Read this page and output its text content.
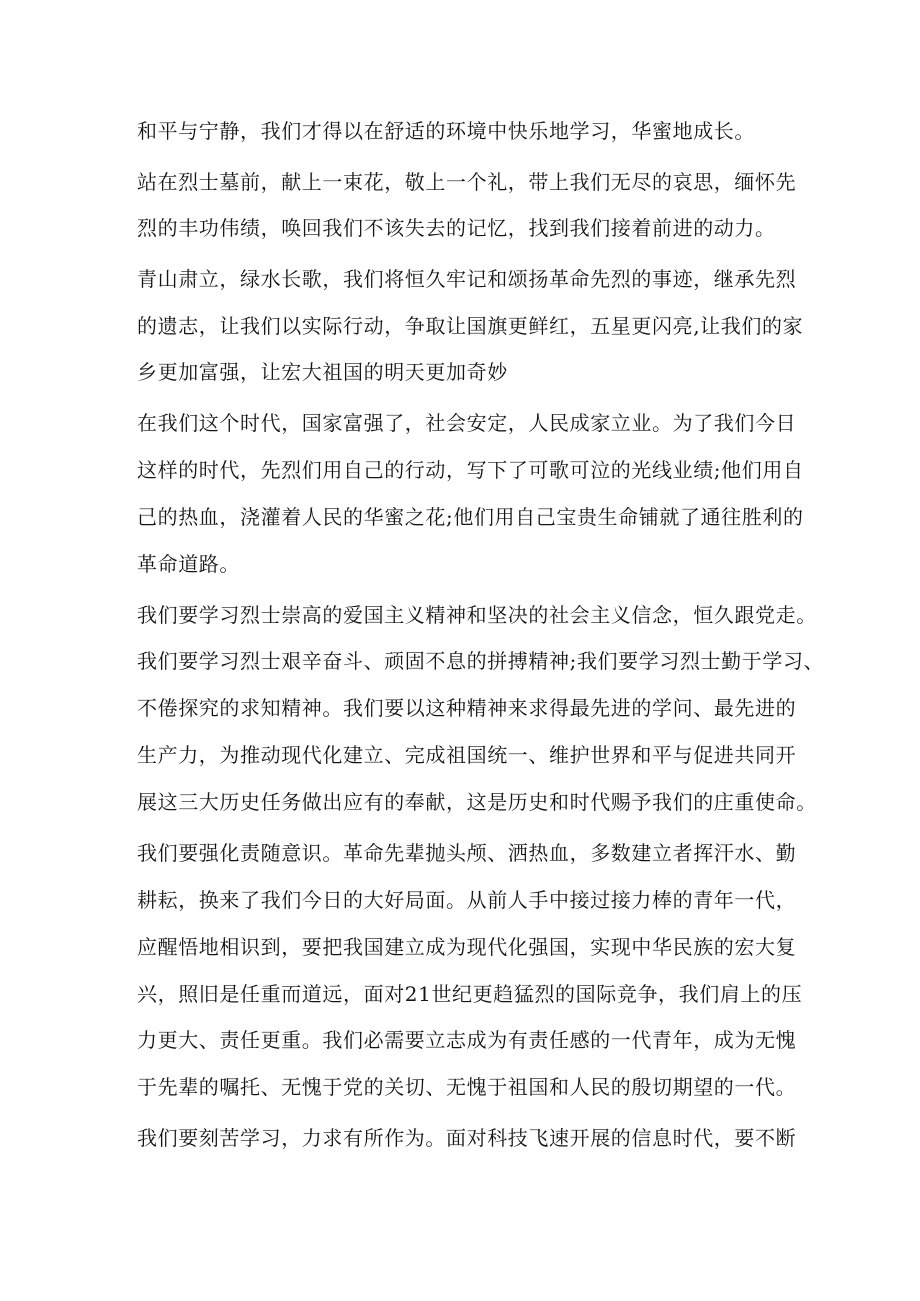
和平与宁静，我们才得以在舒适的环境中快乐地学习，华蜜地成长。

站在烈士墓前，献上一束花，敬上一个礼，带上我们无尽的哀思，缅怀先

烈的丰功伟绩，唤回我们不该失去的记忆，找到我们接着前进的动力。

青山肃立，绿水长歌，我们将恒久牢记和颂扬革命先烈的事迹，继承先烈

的遗志，让我们以实际行动，争取让国旗更鲜红，五星更闪亮,让我们的家

乡更加富强，让宏大祖国的明天更加奇妙

在我们这个时代，国家富强了，社会安定，人民成家立业。为了我们今日

这样的时代，先烈们用自己的行动，写下了可歌可泣的光线业绩;他们用自

己的热血，浇灌着人民的华蜜之花;他们用自己宝贵生命铺就了通往胜利的

革命道路。

我们要学习烈士崇高的爱国主义精神和坚决的社会主义信念，恒久跟党走。

我们要学习烈士艰辛奋斗、顽固不息的拼搏精神;我们要学习烈士勤于学习、

不倦探究的求知精神。我们要以这种精神来求得最先进的学问、最先进的

生产力，为推动现代化建立、完成祖国统一、维护世界和平与促进共同开

展这三大历史任务做出应有的奉献，这是历史和时代赐予我们的庄重使命。

我们要强化责随意识。革命先辈抛头颅、洒热血，多数建立者挥汗水、勤

耕耘，换来了我们今日的大好局面。从前人手中接过接力棒的青年一代，

应醒悟地相识到，要把我国建立成为现代化强国，实现中华民族的宏大复

兴，照旧是任重而道远，面对21世纪更趋猛烈的国际竞争，我们肩上的压

力更大、责任更重。我们必需要立志成为有责任感的一代青年，成为无愧

于先辈的嘱托、无愧于党的关切、无愧于祖国和人民的殷切期望的一代。

我们要刻苦学习，力求有所作为。面对科技飞速开展的信息时代，要不断
